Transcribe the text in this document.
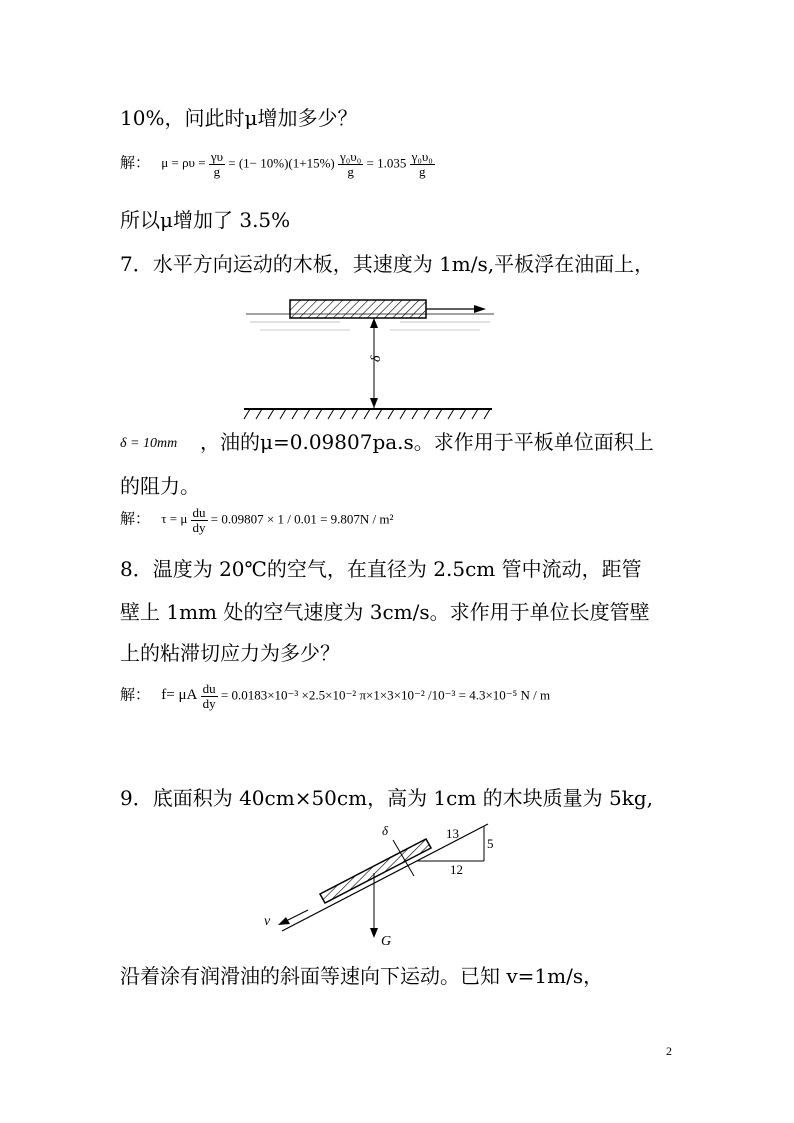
10%，问此时μ增加多少？

解： $\mu = \rho\upsilon = \frac{\gamma\upsilon}{g} = (1- 10\%)(1+15\%) \frac{\text{γ₀υ₀}}{g} = 1.035 \frac{\text{γ₀υ₀}}{g}$

所以μ增加了 3.5%

7．水平方向运动的木板，其速度为 1m/s,平板浮在油面上，

δ
δ = 10mm ，油的μ=0.09807pa.s。求作用于平板单位面积上

的阻力。

解： τ = μ $\frac{du}{dy} = 0.09807 \times 1 / 0.01 = 9.807N / m^2$

8．温度为 20℃的空气，在直径为 2.5cm 管中流动，距管

壁上 1mm 处的空气速度为 3cm/s。求作用于单位长度管壁

上的粘滞切应力为多少？

解： f= μA $\frac{du}{dy} = 0.0183\times 10^{-3} \times 2.5\times 10^{-2}$ π×1×3×10⁻² /10⁻³ = 4.3×10⁻⁵ N / m

9．底面积为 40cm×50cm，高为 1cm 的木块质量为 5kg,

13
5
12
δ
G
v

沿着涂有润滑油的斜面等速向下运动。已知 v=1m/s，

2
